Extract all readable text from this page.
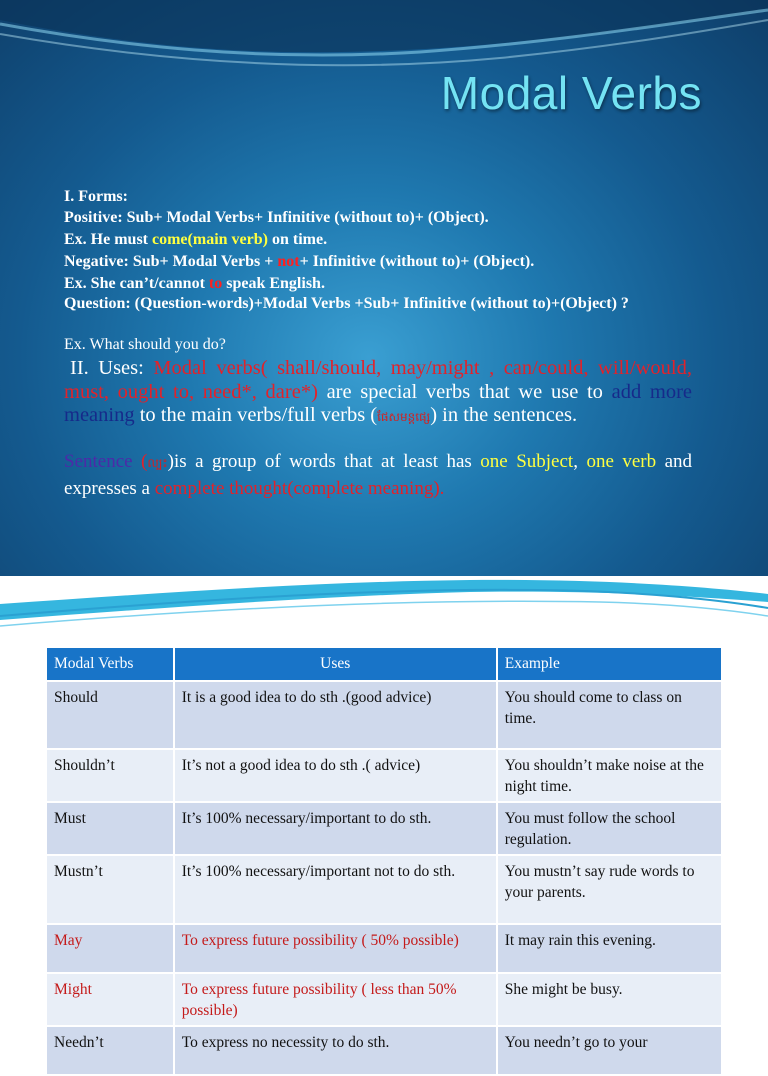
Modal Verbs
I. Forms:
Positive: Sub+ Modal Verbs+ Infinitive (without to)+ (Object).
Ex. He must come(main verb) on time.
Negative: Sub+ Modal Verbs + not+ Infinitive (without to)+ (Object).
Ex. She can’t/cannot to speak English.
Question: (Question-words)+Modal Verbs +Sub+ Infinitive (without to)+(Object) ?
Ex. What should you do?
II. Uses: Modal verbs( shall/should, may/might , can/could, will/would, must, ought to, need*, dare*) are special verbs that we use to add more meaning to the main verbs/full verbs (ផែសមន្តផ្សេ) in the sentences.
Sentence (ល្បះ)is a group of words that at least has one Subject, one verb and expresses a complete thought(complete meaning).
Modal Verbs	Uses	Example
Should	It is a good idea to do sth .(good advice)	You should come to class on time.
Shouldn’t	It’s not a good idea to do sth .( advice)	You shouldn’t make noise at the night time.
Must	It’s 100% necessary/important to do sth.	You must follow the school regulation.
Mustn’t	It’s 100% necessary/important not to do sth.	You mustn’t say rude words to your parents.
May	To express future possibility ( 50% possible)	It may rain this evening.
Might	To express future possibility ( less than 50% possible)	She might be busy.
Needn’t	To express no necessity to do sth.	You needn’t go to your
